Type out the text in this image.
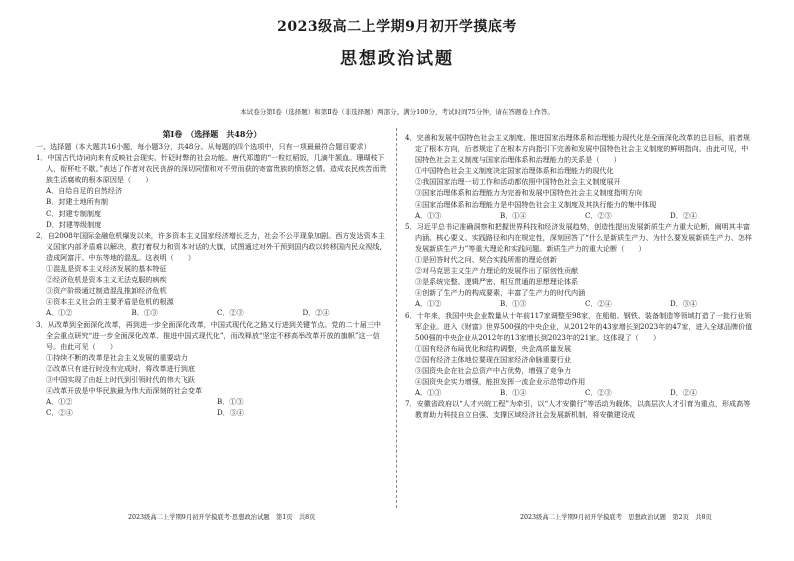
2023级高二上学期9月初开学摸底考
思想政治试题
本试卷分第Ⅰ卷（选择题）和第Ⅱ卷（非选择题）两部分。满分100分，考试时间75分钟，请在答题卷上作答。

第Ⅰ卷　（选择题　共48分）

一、选择题（本大题共16小题，每小题3分，共48分。从每题的四个选项中，只有一项最最符合题目要求）

1．中国古代诗词向来有反映社会现实、针砭时弊的社会功能。唐代郑遨的“一粒红稻饭，几滴牛颔血。珊瑚枝下人，衔杯吐不歇。”表达了作者对农民丧辞的深切同情和对不劳而获的寄富贵族的愤怒之情。造成农民疾苦而贵族生活腐败的根本原因是（　　）

A．自给自足的自然经济

B．封建土地所有制

C．封建专制制度

D．封建等级制度

2．自2008年国际金融危机爆发以来，许多资本主义国家经济增长乏力，社会不公平现象加剧。西方发达资本主义国家内部矛盾难以解决，救打着权力和资本对话的大旗，试图通过对外干预到国内政以转移国内民众视线，造成阿富汗、中东等地的混乱。这表明（　　）

①混乱是资本主义经济发展的基本特征

②经济危机是资本主义无法克服的病疾

③资产阶级通过制造混乱推卸经济危机

④资本主义社会的主要矛盾是危机的根源

A．①②	B．①③	C．②③	D．②④

3．从改革到全面深化改革，再到进一步全面深化改革，中国式现代化之路又行进到关键节点。党的二十届三中全会重点研究“进一步全面深化改革、推进中国式现代化”，而改释放“坚定不移高举改革开放的旗帜”这一信号。由此可见（　　）

①持续不断的改革是社会主义发展的重要动力

②改革只有进行时没有完成时，将改革进行到底

③中国实现了由赶上时代到引领时代的伟大飞跃

④改革开放是中华民族最为伟大而深刻的社会变革

A．①②	B．①③
C．②④	D．③④

4．完善和发展中国特色社会主义制度、推进国家治理体系和治理能力现代化是全面深化改革的总目标，前者规定了根本方向，后者规定了在根本方向指引下完善和发展中国特色社会主义制度的鲜明指向。由此可见，中国特色社会主义制度与国家治理体系和治理能力的关系是（　　）

①中国特色社会主义制度决定国家治理体系和治理能力的现代化

②我国国家治理一切工作和活动都依照中国特色社会主义制度展开

③国家治理体系和治理能力为完善和发展中国特色社会主义制度指明方向

④国家治理体系和治理能力是中国特色社会主义制度及其执行能力的集中体现

A．①③	B．①④	C．②③	D．②④

5．习近平总书记准确洞察和把握世界科技和经济发展趋势，创造性提出发展新质生产力重大论断，阐明其丰富内涵、核心要义、实践路径和内在规定性，深刻回答了“什么是新质生产力、为什么要发展新质生产力、怎样发展新质生产力”等重大理论和实践问题。新质生产力的重大论断（　　）

①是回答时代之问、契合实践所需的理论创新

②对马克思主义生产力理论的发展作出了原创性贡献

③是系统完整、逻辑严密、相互贯通的思想理论体系

④创新了生产力的构成要素，丰富了生产力的时代内涵

A．①②	B．①③	C．②④	D．③④

6．十年来，我国中央企业数量从十年前117家调整至98家，在船舶、钢铁、装备制造等领域打造了一批行业领军企业。进入《财富》世界500强的中央企业，从2012年的43家增长到2023年的47家，进入全球品牌价值500强的中央企业从2012年的13家增长到2023年的21家。这体现了（　　）

①国有经济布局优化和结构调整，央企高质量发展

②国有经济主体地位要现在国家经济命脉重要行业

③国资央企在社会总资产中占优势，增强了竞争力

④国资央企实力增强，能担发挥一流企业示范带动作用

A．①③	B．①④	C．②③	D．②④

7．安徽省政府以“人才兴皖工程”为牵引，以“人才安徽行”等活动为载体，以高层次人才引育为重点，形成高等教育助力科技自立自强、支撑区域经济社会发展新机制，将安徽建设成

2023级高二上学期9月初开学摸底考·思想政治试题　第1页　共8页	2023级高二上学期9月初开学摸底考　思想政治试题　第2页　共8页
